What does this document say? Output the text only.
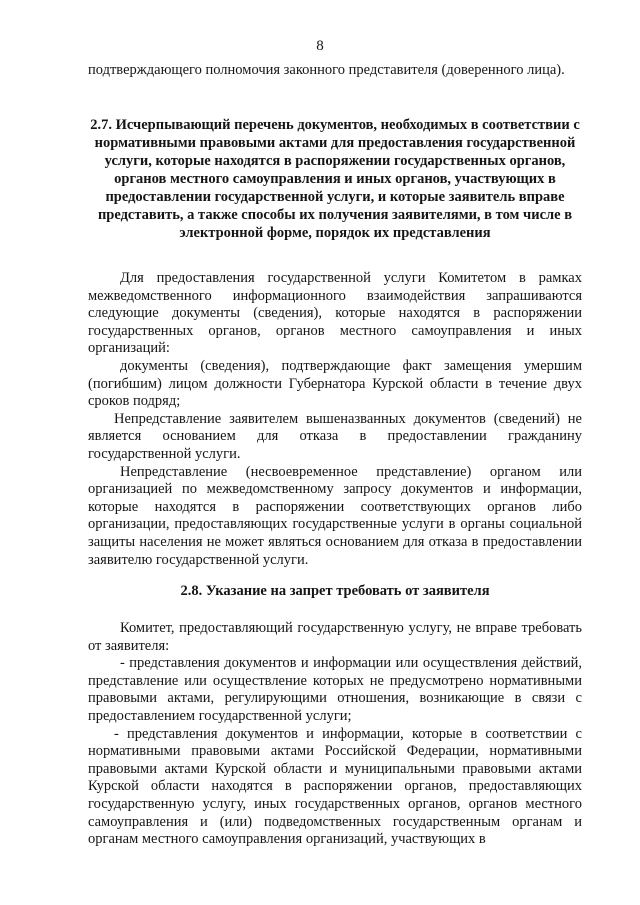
8

подтверждающего полномочия законного представителя (доверенного лица).

2.7. Исчерпывающий перечень документов, необходимых в соответствии с нормативными правовыми актами для предоставления государственной услуги, которые находятся в распоряжении государственных органов, органов местного самоуправления и иных органов, участвующих в предоставлении государственной услуги, и которые заявитель вправе представить, а также способы их получения заявителями, в том числе в электронной форме, порядок их представления

Для предоставления государственной услуги Комитетом в рамках межведомственного информационного взаимодействия запрашиваются следующие документы (сведения), которые находятся в распоряжении государственных органов, органов местного самоуправления и иных организаций:

документы (сведения), подтверждающие факт замещения умершим (погибшим) лицом должности Губернатора Курской области в течение двух сроков подряд;

Непредставление заявителем вышеназванных документов (сведений) не является основанием для отказа в предоставлении гражданину государственной услуги.

Непредставление (несвоевременное представление) органом или организацией по межведомственному запросу документов и информации, которые находятся в распоряжении соответствующих органов либо организации, предоставляющих государственные услуги в органы социальной защиты населения не может являться основанием для отказа в предоставлении заявителю государственной услуги.

2.8. Указание на запрет требовать от заявителя

Комитет, предоставляющий государственную услугу, не вправе требовать от заявителя:

- представления документов и информации или осуществления действий, представление или осуществление которых не предусмотрено нормативными правовыми актами, регулирующими отношения, возникающие в связи с предоставлением государственной услуги;

- представления документов и информации, которые в соответствии с нормативными правовыми актами Российской Федерации, нормативными правовыми актами Курской области и муниципальными правовыми актами Курской области находятся в распоряжении органов, предоставляющих государственную услугу, иных государственных органов, органов местного самоуправления и (или) подведомственных государственным органам и органам местного самоуправления организаций, участвующих в
